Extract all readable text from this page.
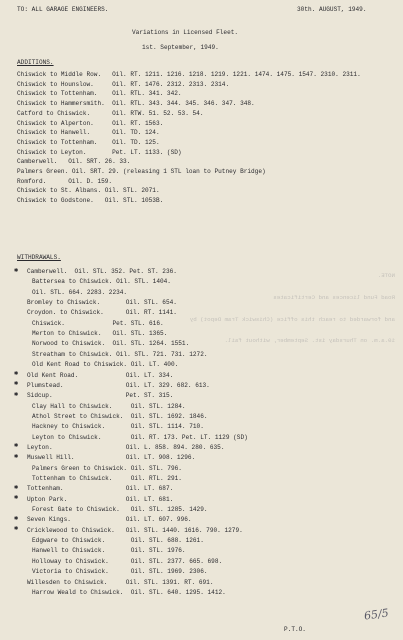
NOTE.

Road Fund licences and Certificates

and forwarded to reach this office (Chiswick Tram Depot) by

10.a.m. on Thursday 1st. September, without fail.

TO: ALL GARAGE ENGINEERS.	30th. AUGUST, 1949.
Variations in Licensed Fleet.
1st. September, 1949.
ADDITIONS.
Chiswick to Middle Row.   Oil. RT. 1211. 1216. 1218. 1219. 1221. 1474. 1475. 1547. 2310. 2311.
Chiswick to Hounslow.     Oil. RT. 1476. 2312. 2313. 2314.
Chiswick to Tottenham.    Oil. RTL. 341. 342.
Chiswick to Hammersmith.  Oil. RTL. 343. 344. 345. 346. 347. 348.
Catford to Chiswick.      Oil. RTW. 51. 52. 53. 54.
Chiswick to Alperton.     Oil. RT. 1563.
Chiswick to Hanwell.      Oil. TD. 124.
Chiswick to Tottenham.    Oil. TD. 125.
Chiswick to Leyton.       Pet. LT. 1133. (SD)
Camberwell.   Oil. SRT. 26. 33.
Palmers Green. Oil. SRT. 29. (releasing 1 STL loan to Putney Bridge)
Romford.      Oil. D. 159.
Chiswick to St. Albans. Oil. STL. 2071.
Chiswick to Godstone.   Oil. STL. 1053B.
WITHDRAWALS.
✱ Camberwell.  Oil. STL. 352. Pet. ST. 236.
Battersea to Chiswick. Oil. STL. 1404.
Oil. STL. 664. 2283. 2234.
Bromley to Chiswick.       Oil. STL. 654.
Croydon. to Chiswick.      Oil. RT. 1141.
Chiswick.             Pet. STL. 616.
Merton to Chiswick.   Oil. STL. 1365.
Norwood to Chiswick.  Oil. STL. 1264. 1551.
Streatham to Chiswick. Oil. STL. 721. 731. 1272.
Old Kent Road to Chiswick. Oil. LT. 400.
✱ Old Kent Road.             Oil. LT. 334.
✱ Plumstead.                 Oil. LT. 329. 682. 613.
✱ Sidcup.                    Pet. ST. 315.
Clay Hall to Chiswick.     Oil. STL. 1284.
Athol Street to Chiswick.  Oil. STL. 1692. 1846.
Hackney to Chiswick.       Oil. STL. 1114. 710.
Leyton to Chiswick.        Oil. RT. 173. Pet. LT. 1129 (SD)
✱ Leyton.                    Oil. L. 858. 894. 280. 635.
✱ Muswell Hill.              Oil. LT. 908. 1296.
Palmers Green to Chiswick. Oil. STL. 796.
Tottenham to Chiswick.     Oil. RTL. 291.
✱ Tottenham.                 Oil. LT. 687.
✱ Upton Park.                Oil. LT. 681.
Forest Gate to Chiswick.   Oil. STL. 1285. 1429.
✱ Seven Kings.               Oil. LT. 607. 996.
✱ Cricklewood to Chiswick.   Oil. STL. 1440. 1616. 790. 1279.
Edgware to Chiswick.       Oil. STL. 688. 1261.
Hanwell to Chiswick.       Oil. STL. 1976.
Holloway to Chiswick.      Oil. STL. 2377. 665. 698.
Victoria to Chiswick.      Oil. STL. 1969. 2306.
Willesden to Chiswick.     Oil. STL. 1391. RT. 691.
Harrow Weald to Chiswick.  Oil. STL. 640. 1295. 1412.
P.T.O.
65/5
